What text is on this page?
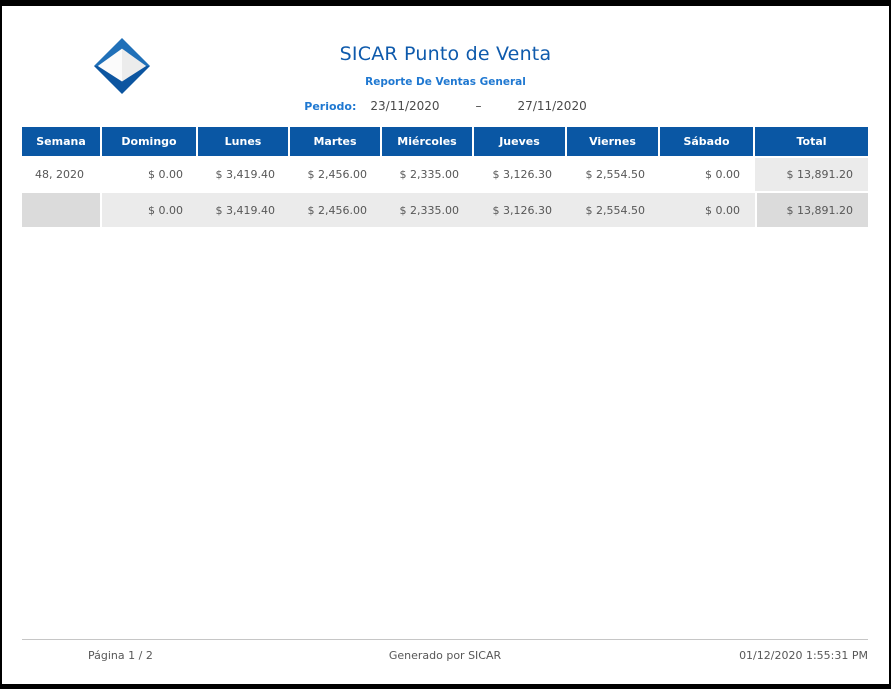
SICAR Punto de Venta
Reporte De Ventas General
Periodo: 23/11/2020	–	27/11/2020
Semana	Domingo	Lunes	Martes	Miércoles	Jueves	Viernes	Sábado	Total
48, 2020	$ 0.00	$ 3,419.40	$ 2,456.00	$ 2,335.00	$ 3,126.30	$ 2,554.50	$ 0.00	$ 13,891.20
	$ 0.00	$ 3,419.40	$ 2,456.00	$ 2,335.00	$ 3,126.30	$ 2,554.50	$ 0.00	$ 13,891.20
Página 1 / 2	Generado por SICAR	01/12/2020 1:55:31 PM
